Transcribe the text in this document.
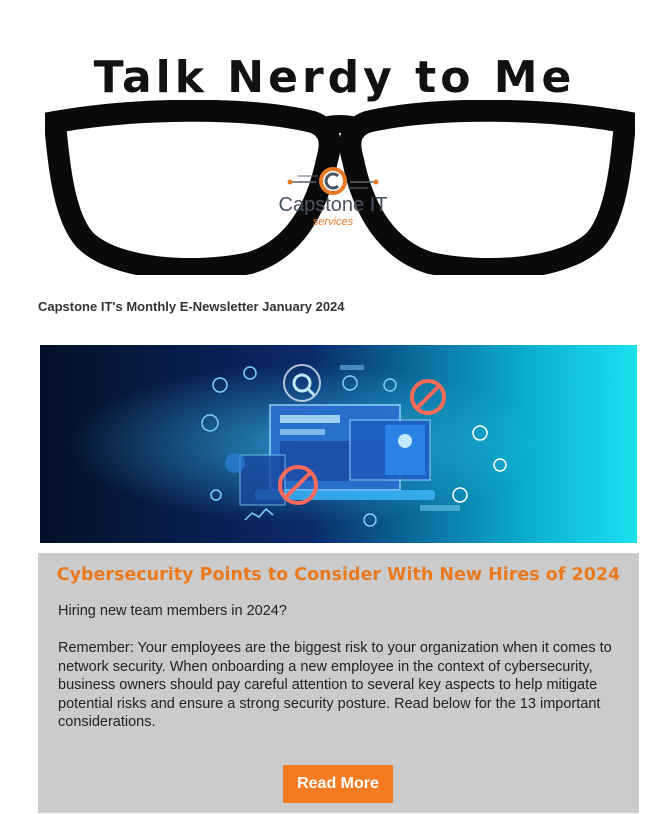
Talk Nerdy to Me
Capstone IT
services
Capstone IT's Monthly E-Newsletter January 2024
Cybersecurity Points to Consider With New Hires of 2024
Hiring new team members in 2024?
Remember: Your employees are the biggest risk to your organization when it comes to network security. When onboarding a new employee in the context of cybersecurity, business owners should pay careful attention to several key aspects to help mitigate potential risks and ensure a strong security posture. Read below for the 13 important considerations.
Read More
